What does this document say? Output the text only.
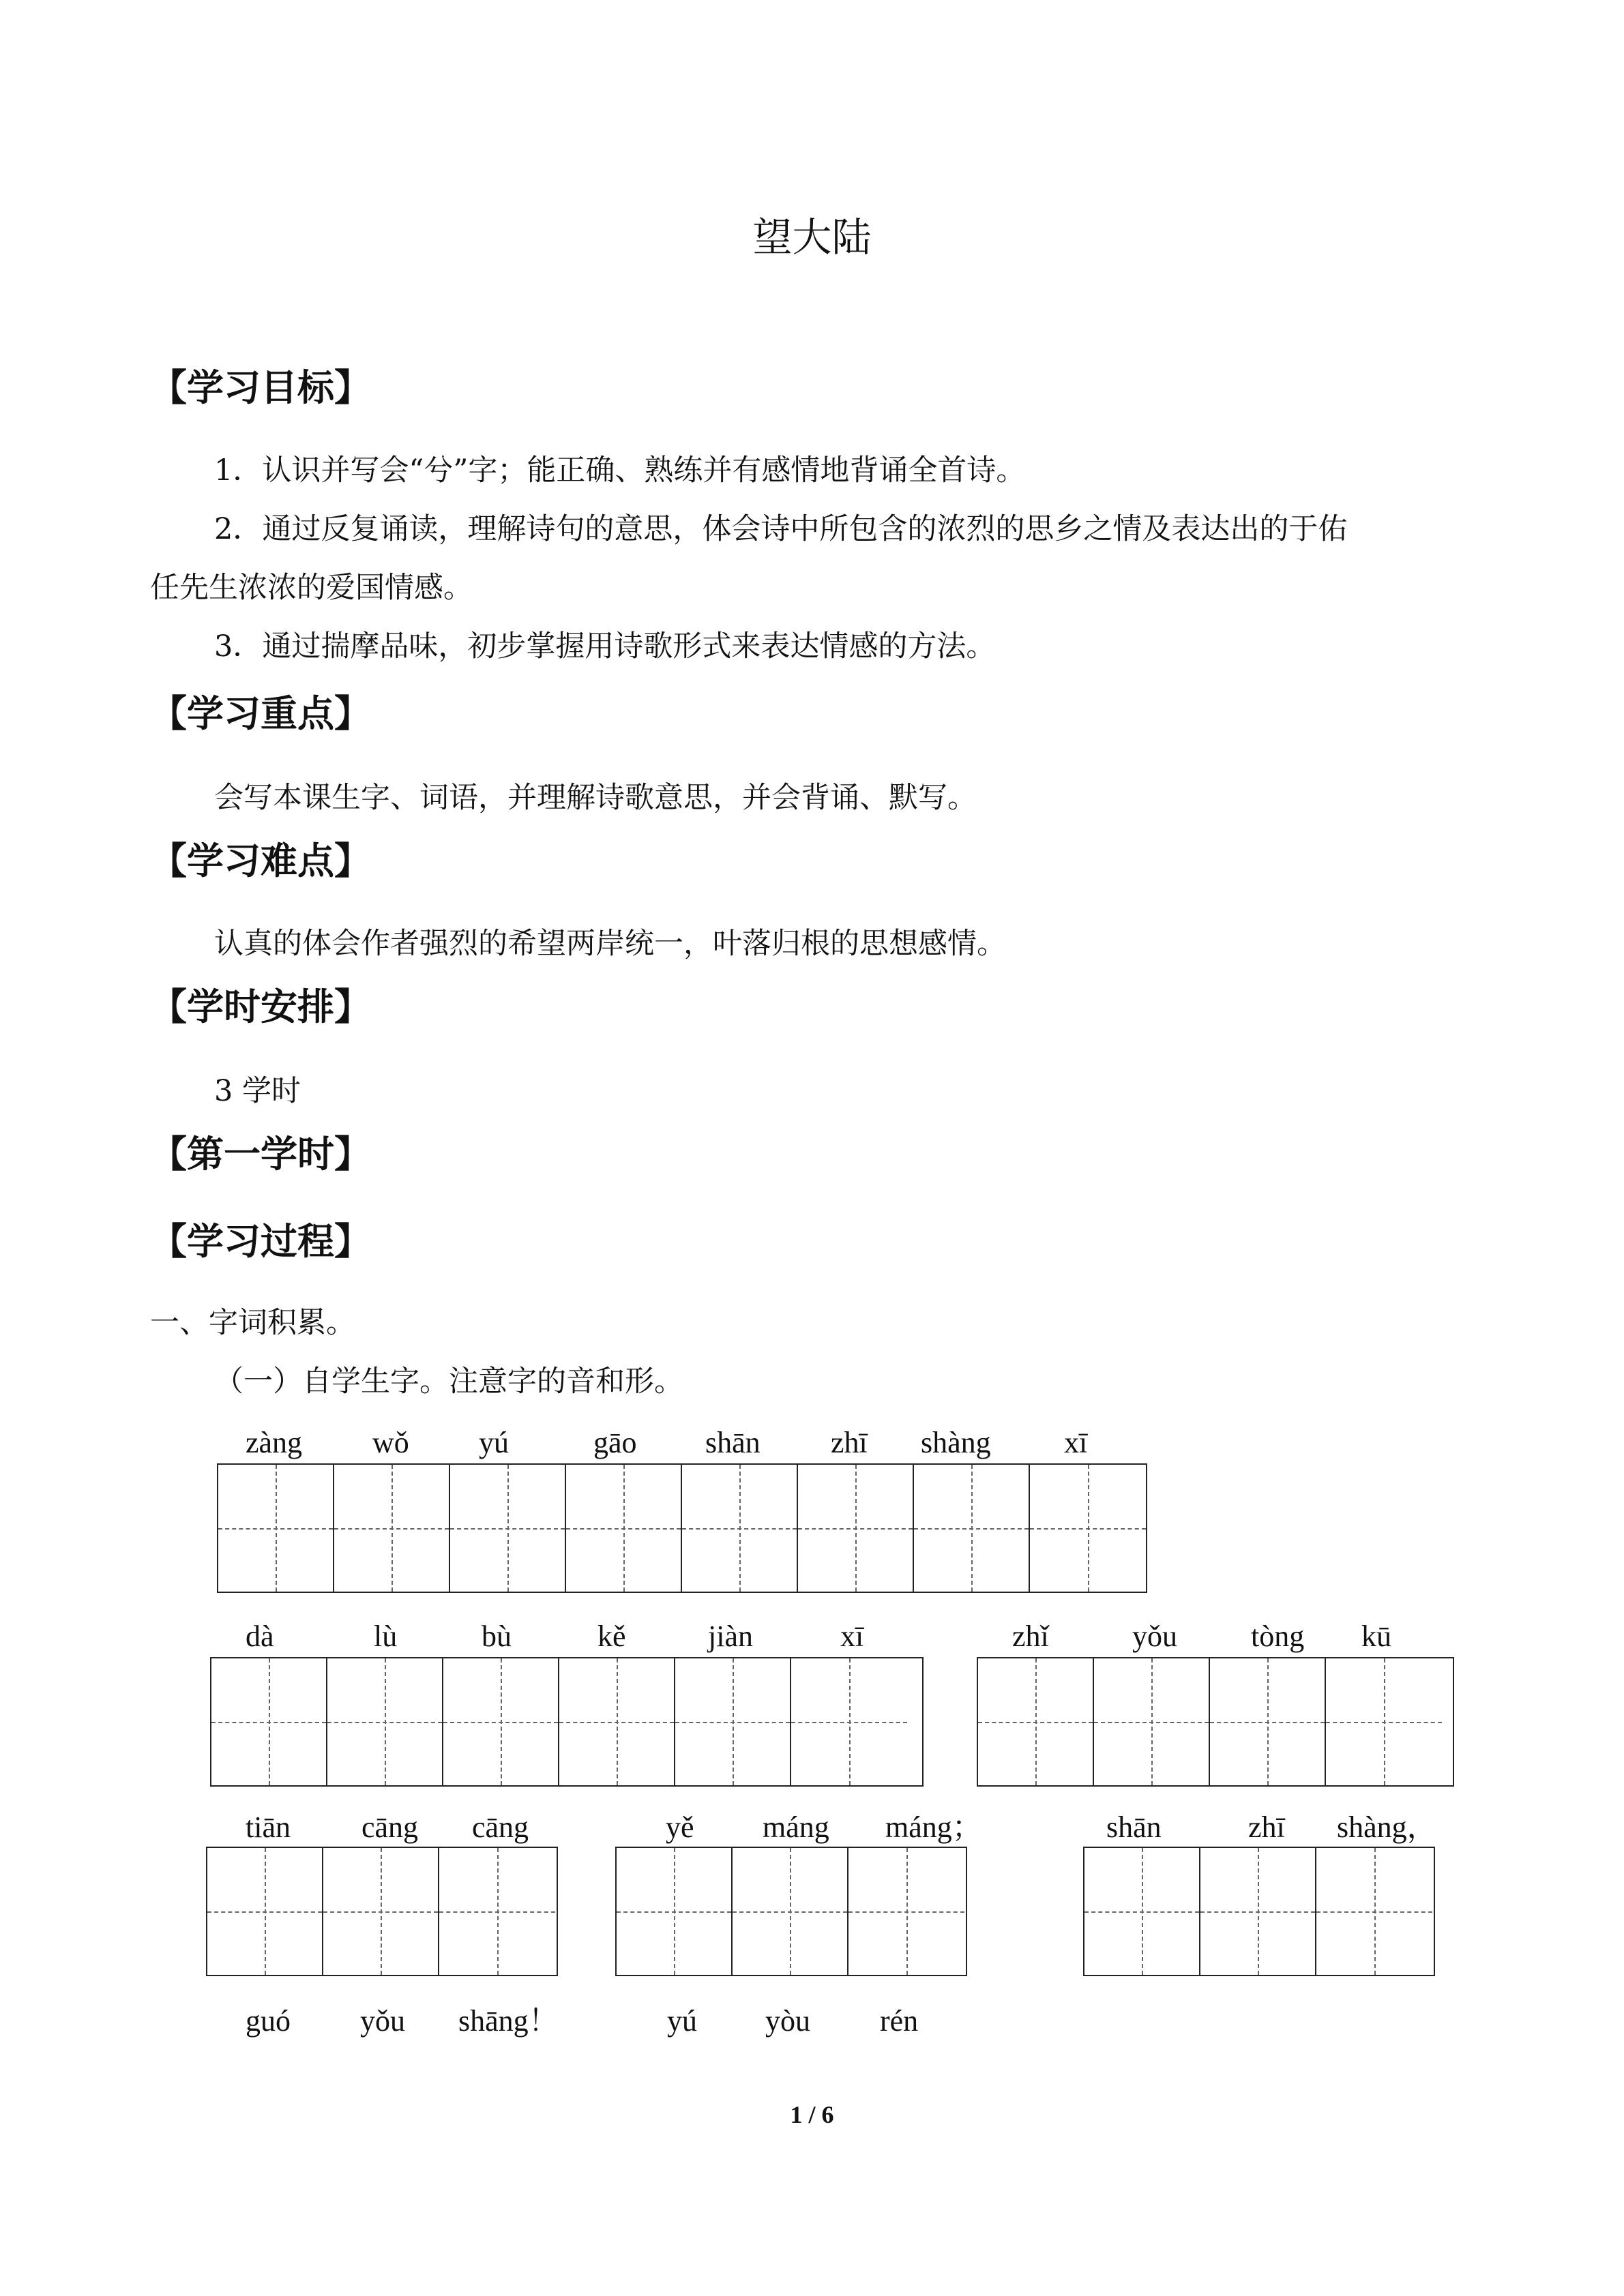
望大陆
【学习目标】
1．认识并写会“兮”字；能正确、熟练并有感情地背诵全首诗。
2．通过反复诵读，理解诗句的意思，体会诗中所包含的浓烈的思乡之情及表达出的于佑
任先生浓浓的爱国情感。
3．通过揣摩品味，初步掌握用诗歌形式来表达情感的方法。
【学习重点】
会写本课生字、词语，并理解诗歌意思，并会背诵、默写。
【学习难点】
认真的体会作者强烈的希望两岸统一，叶落归根的思想感情。
【学时安排】
3 学时
【第一学时】
【学习过程】
一、字词积累。
（一）自学生字。注意字的音和形。
zàng wǒ yú	gāo shān zhī shàng xī
dà	lù	bù	kě	jiàn	xī	zhǐ	yǒu tòng kū
tiān cāng cāng	yě máng máng；	shān	zhī shàng，
guó yǒu shāng！	yú yòu rén
1 / 6
